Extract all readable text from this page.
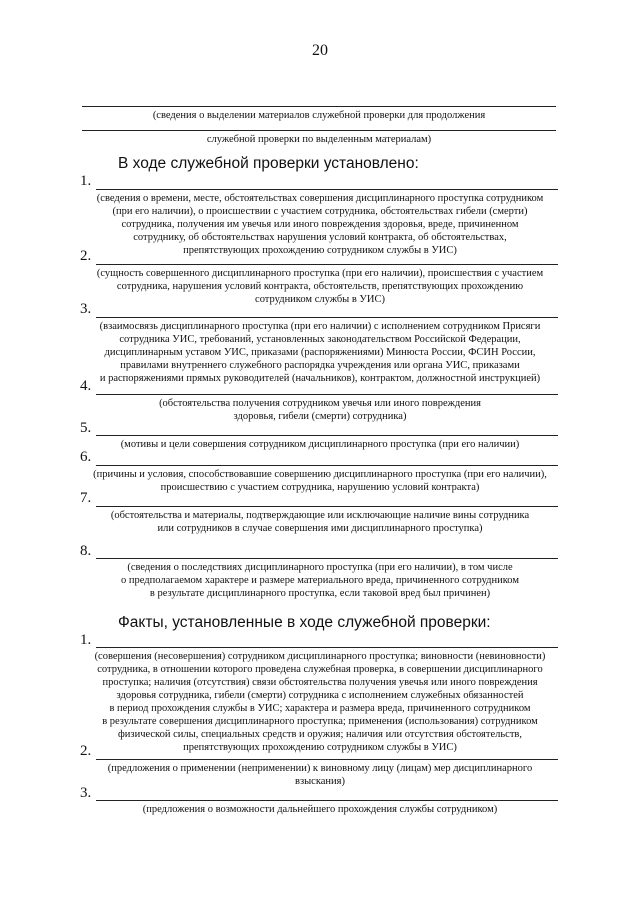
20
(сведения о выделении материалов служебной проверки для продолжения
служебной проверки по выделенным материалам)
В ходе служебной проверки установлено:
1.
(сведения о времени, месте, обстоятельствах совершения дисциплинарного проступка сотрудником
(при его наличии), о происшествии с участием сотрудника, обстоятельствах гибели (смерти)
сотрудника, получения им увечья или иного повреждения здоровья, вреде, причиненном
сотруднику, об обстоятельствах нарушения условий контракта, об обстоятельствах,
препятствующих прохождению сотрудником службы в УИС)
2.
(сущность совершенного дисциплинарного проступка (при его наличии), происшествия с участием
сотрудника, нарушения условий контракта, обстоятельств, препятствующих прохождению
сотрудником службы в УИС)
3.
(взаимосвязь дисциплинарного проступка (при его наличии) с исполнением сотрудником Присяги
сотрудника УИС, требований, установленных законодательством Российской Федерации,
дисциплинарным уставом УИС, приказами (распоряжениями) Минюста России, ФСИН России,
правилами внутреннего служебного распорядка учреждения или органа УИС, приказами
и распоряжениями прямых руководителей (начальников), контрактом, должностной инструкцией)
4.
(обстоятельства получения сотрудником увечья или иного повреждения
здоровья, гибели (смерти) сотрудника)
5.
(мотивы и цели совершения сотрудником дисциплинарного проступка (при его наличии)
6.
(причины и условия, способствовавшие совершению дисциплинарного проступка (при его наличии),
происшествию с участием сотрудника, нарушению условий контракта)
7.
(обстоятельства и материалы, подтверждающие или исключающие наличие вины сотрудника
или сотрудников в случае совершения ими дисциплинарного проступка)
8.
(сведения о последствиях дисциплинарного проступка (при его наличии), в том числе
о предполагаемом характере и размере материального вреда, причиненного сотрудником
в результате дисциплинарного проступка, если таковой вред был причинен)
Факты, установленные в ходе служебной проверки:
1.
(совершения (несовершения) сотрудником дисциплинарного проступка; виновности (невиновности)
сотрудника, в отношении которого проведена служебная проверка, в совершении дисциплинарного
проступка; наличия (отсутствия) связи обстоятельства получения увечья или иного повреждения
здоровья сотрудника, гибели (смерти) сотрудника с исполнением служебных обязанностей
в период прохождения службы в УИС; характера и размера вреда, причиненного сотрудником
в результате совершения дисциплинарного проступка; применения (использования) сотрудником
физической силы, специальных средств и оружия; наличия или отсутствия обстоятельств,
препятствующих прохождению сотрудником службы в УИС)
2.
(предложения о применении (неприменении) к виновному лицу (лицам) мер дисциплинарного
взыскания)
3.
(предложения о возможности дальнейшего прохождения службы сотрудником)
